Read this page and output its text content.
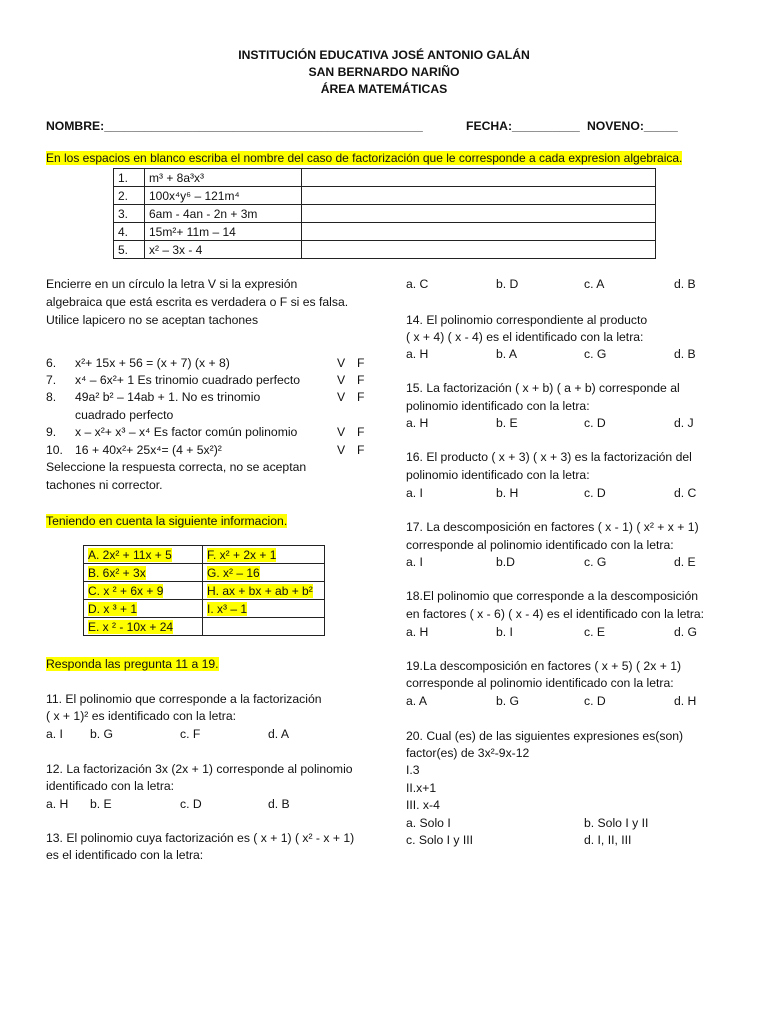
INSTITUCIÓN EDUCATIVA JOSÉ ANTONIO GALÁN
SAN BERNARDO NARIÑO
ÁREA MATEMÁTICAS
NOMBRE:_______________________________________________	FECHA:__________ NOVENO:_____
En los espacios en blanco escriba el nombre del caso de factorización que le corresponde a cada expresion algebraica.
1.	m³ + 8a³x³	
2.	100x⁴y⁶ – 121m⁴	
3.	6am - 4an - 2n + 3m	
4.	15m²+ 11m – 14	
5.	x² – 3x - 4	
Encierre en un círculo la letra V si la expresión
algebraica que está escrita es verdadera o F si es falsa.
Utilice lapicero no se aceptan tachones
6. x²+ 15x + 56 = (x + 7) (x + 8)	V F
7. x⁴ – 6x²+ 1 Es trinomio cuadrado perfecto	V F
8. 49a² b² – 14ab + 1. No es trinomio
cuadrado perfecto
V F
9. x – x²+ x³ – x⁴ Es factor común polinomio	V F
10. 16 + 40x²+ 25x⁴= (4 + 5x²)²	V F
Seleccione la respuesta correcta, no se aceptan
tachones ni corrector.
Teniendo en cuenta la siguiente informacion.
A. 2x² + 11x + 5	F. x² + 2x + 1
B. 6x² + 3x	G. x² – 16
C. x ² + 6x + 9	H. ax + bx + ab + b²
D. x ³ + 1	I. x³ – 1
E. x ² - 10x + 24	
Responda las pregunta 11 a 19.
11. El polinomio que corresponde a la factorización
( x + 1)² es identificado con la letra:
a. I b. G	c. F	d. A
12. La factorización 3x (2x + 1) corresponde al polinomio
identificado con la letra:
a. H b. E	c. D	d. B
13. El polinomio cuya factorización es ( x + 1) ( x² - x + 1)
es el identificado con la letra:
a. C	b. D	c. A	d. B
14. El polinomio correspondiente al producto
( x + 4) ( x - 4) es el identificado con la letra:
a. H	b. A	c. G	d. B
15. La factorización ( x + b) ( a + b) corresponde al
polinomio identificado con la letra:
a. H	b. E	c. D	d. J
16. El producto ( x + 3) ( x + 3) es la factorización del
polinomio identificado con la letra:
a. I	b. H	c. D	d. C
17. La descomposición en factores ( x - 1) ( x² + x + 1)
corresponde al polinomio identificado con la letra:
a. I	b.D	c. G	d. E
18.El polinomio que corresponde a la descomposición
en factores ( x - 6) ( x - 4) es el identificado con la letra:
a. H	b. I	c. E	d. G
19.La descomposición en factores ( x + 5) ( 2x + 1)
corresponde al polinomio identificado con la letra:
a. A	b. G	c. D	d. H
20. Cual (es) de las siguientes expresiones es(son)
factor(es) de 3x²-9x-12
I.3
II.x+1
III. x-4
a. Solo I	b. Solo I y II
c. Solo I y III	d. I, II, III
